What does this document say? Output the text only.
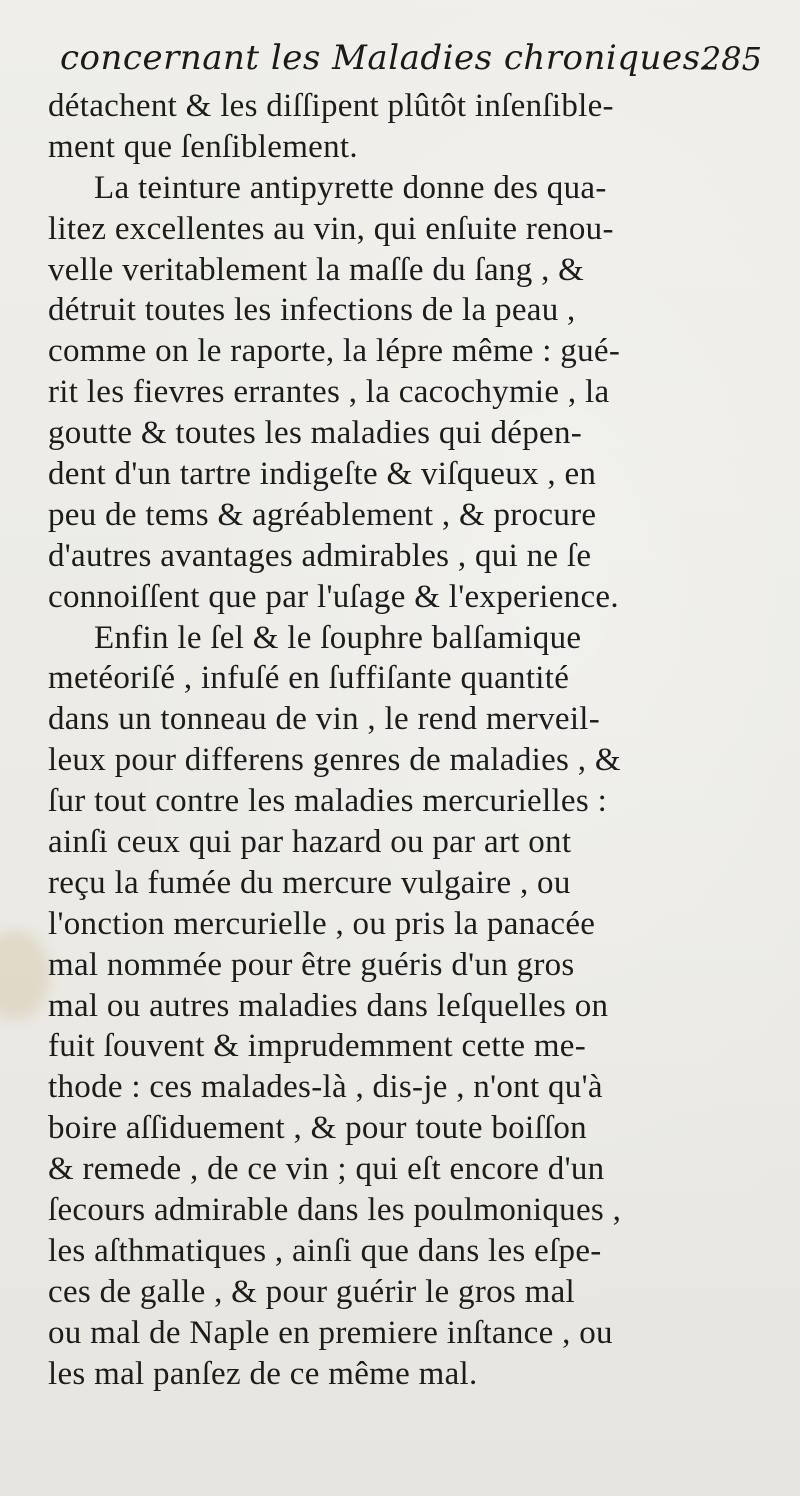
concernant les Maladies chroniques.
285
détachent & les diſſipent plûtôt inſenſible-
ment que ſenſiblement.
La teinture antipyrette donne des qua-
litez excellentes au vin, qui enſuite renou-
velle veritablement la maſſe du ſang , &
détruit toutes les infections de la peau ,
comme on le raporte, la lépre même : gué-
rit les fievres errantes , la cacochymie , la
goutte & toutes les maladies qui dépen-
dent d'un tartre indigeſte & viſqueux , en
peu de tems & agréablement , & procure
d'autres avantages admirables , qui ne ſe
connoiſſent que par l'uſage & l'experience.
Enfin le ſel & le ſouphre balſamique
metéoriſé , infuſé en ſuffiſante quantité
dans un tonneau de vin , le rend merveil-
leux pour differens genres de maladies , &
ſur tout contre les maladies mercurielles :
ainſi ceux qui par hazard ou par art ont
reçu la fumée du mercure vulgaire , ou
l'onction mercurielle , ou pris la panacée
mal nommée pour être guéris d'un gros
mal ou autres maladies dans leſquelles on
fuit ſouvent & imprudemment cette me-
thode : ces malades-là , dis-je , n'ont qu'à
boire aſſiduement , & pour toute boiſſon
& remede , de ce vin ; qui eſt encore d'un
ſecours admirable dans les poulmoniques ,
les aſthmatiques , ainſi que dans les eſpe-
ces de galle , & pour guérir le gros mal
ou mal de Naple en premiere inſtance , ou
les mal panſez de ce même mal.
